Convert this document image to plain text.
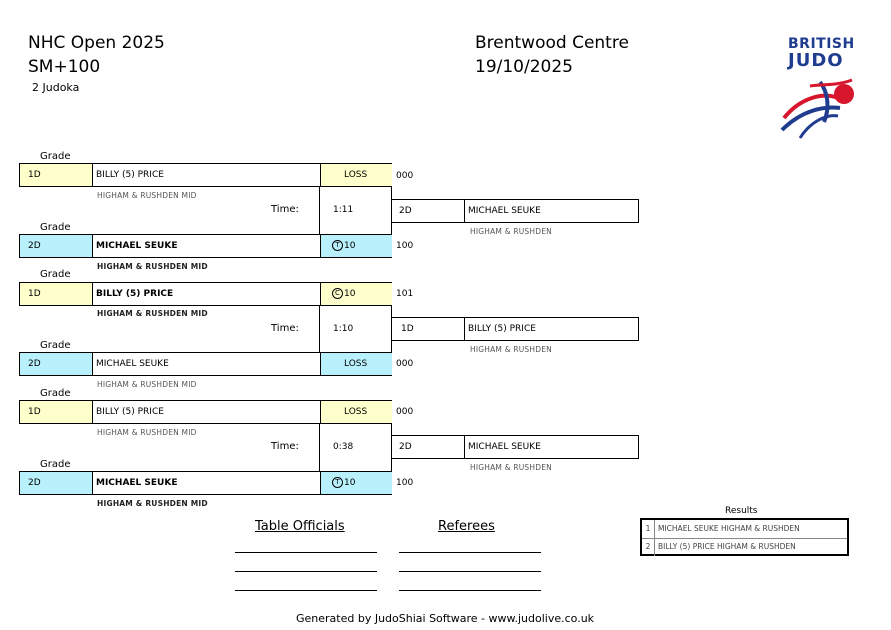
NHC Open 2025
SM+100
2 Judoka
Brentwood Centre
19/10/2025
BRITISH
JUDO
Grade
1D	BILLY (5) PRICE	LOSS	000
HIGHAM & RUSHDEN MID
Time:	1:11	2D	MICHAEL SEUKE
HIGHAM & RUSHDEN
Grade
2D	MICHAEL SEUKE	T 10	100
HIGHAM & RUSHDEN MID
Grade
1D	BILLY (5) PRICE	C 10	101
HIGHAM & RUSHDEN MID
Time:	1:10	1D	BILLY (5) PRICE
HIGHAM & RUSHDEN
Grade
2D	MICHAEL SEUKE	LOSS	000
HIGHAM & RUSHDEN MID
Grade
1D	BILLY (5) PRICE	LOSS	000
HIGHAM & RUSHDEN MID
Time:	0:38	2D	MICHAEL SEUKE
HIGHAM & RUSHDEN
Grade
2D	MICHAEL SEUKE	T 10	100
HIGHAM & RUSHDEN MID
Results
1	MICHAEL SEUKE HIGHAM & RUSHDEN
2	BILLY (5) PRICE HIGHAM & RUSHDEN
Table Officials	Referees
Generated by JudoShiai Software - www.judolive.co.uk
